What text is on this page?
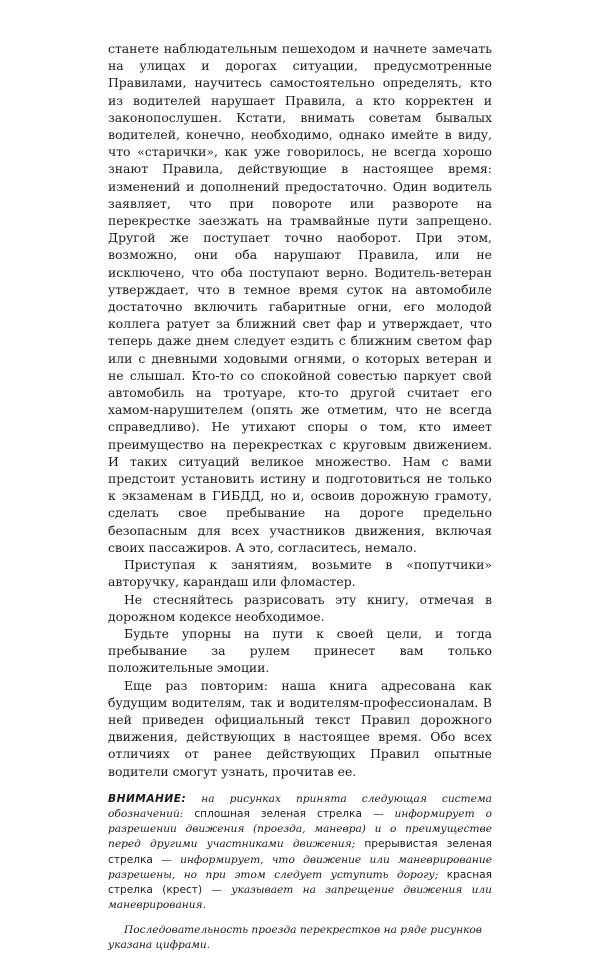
станете наблюдательным пешеходом и начнете замечать на улицах и дорогах ситуации, предусмотренные Правилами, научитесь самостоятельно определять, кто из водителей нарушает Правила, а кто корректен и законопослушен. Кстати, внимать советам бывалых водителей, конечно, необходимо, однако имейте в виду, что «старички», как уже говорилось, не всегда хорошо знают Правила, действующие в настоящее время: изменений и дополнений предостаточно. Один водитель заявляет, что при повороте или развороте на перекрестке заезжать на трамвайные пути запрещено. Другой же поступает точно наоборот. При этом, возможно, они оба нарушают Правила, или не исключено, что оба поступают верно. Водитель-ветеран утверждает, что в темное время суток на автомобиле достаточно включить габаритные огни, его молодой коллега ратует за ближний свет фар и утверждает, что теперь даже днем следует ездить с ближним светом фар или с дневными ходовыми огнями, о которых ветеран и не слышал. Кто-то со спокойной совестью паркует свой автомобиль на тротуаре, кто-то другой считает его хамом-нарушителем (опять же отметим, что не всегда справедливо). Не утихают споры о том, кто имеет преимущество на перекрестках с круговым движением. И таких ситуаций великое множество. Нам с вами предстоит установить истину и подготовиться не только к экзаменам в ГИБДД, но и, освоив дорожную грамоту, сделать свое пребывание на дороге предельно безопасным для всех участников движения, включая своих пассажиров. А это, согласитесь, немало.

Приступая к занятиям, возьмите в «попутчики» авторучку, карандаш или фломастер.

Не стесняйтесь разрисовать эту книгу, отмечая в дорожном кодексе необходимое.

Будьте упорны на пути к своей цели, и тогда пребывание за рулем принесет вам только положительные эмоции.

Еще раз повторим: наша книга адресована как будущим водителям, так и водителям-профессионалам. В ней приведен официальный текст Правил дорожного движения, действующих в настоящее время. Обо всех отличиях от ранее действующих Правил опытные водители смогут узнать, прочитав ее.

ВНИМАНИЕ: на рисунках принята следующая система обозначений: сплошная зеленая стрелка — информирует о разрешении движения (проезда, маневра) и о преимуществе перед другими участниками движения; прерывистая зеленая стрелка — информирует, что движение или маневрирование разрешены, но при этом следует уступить дорогу; красная стрелка (крест) — указывает на запрещение движения или маневрирования.

Последовательность проезда перекрестков на ряде рисунков указана цифрами.
